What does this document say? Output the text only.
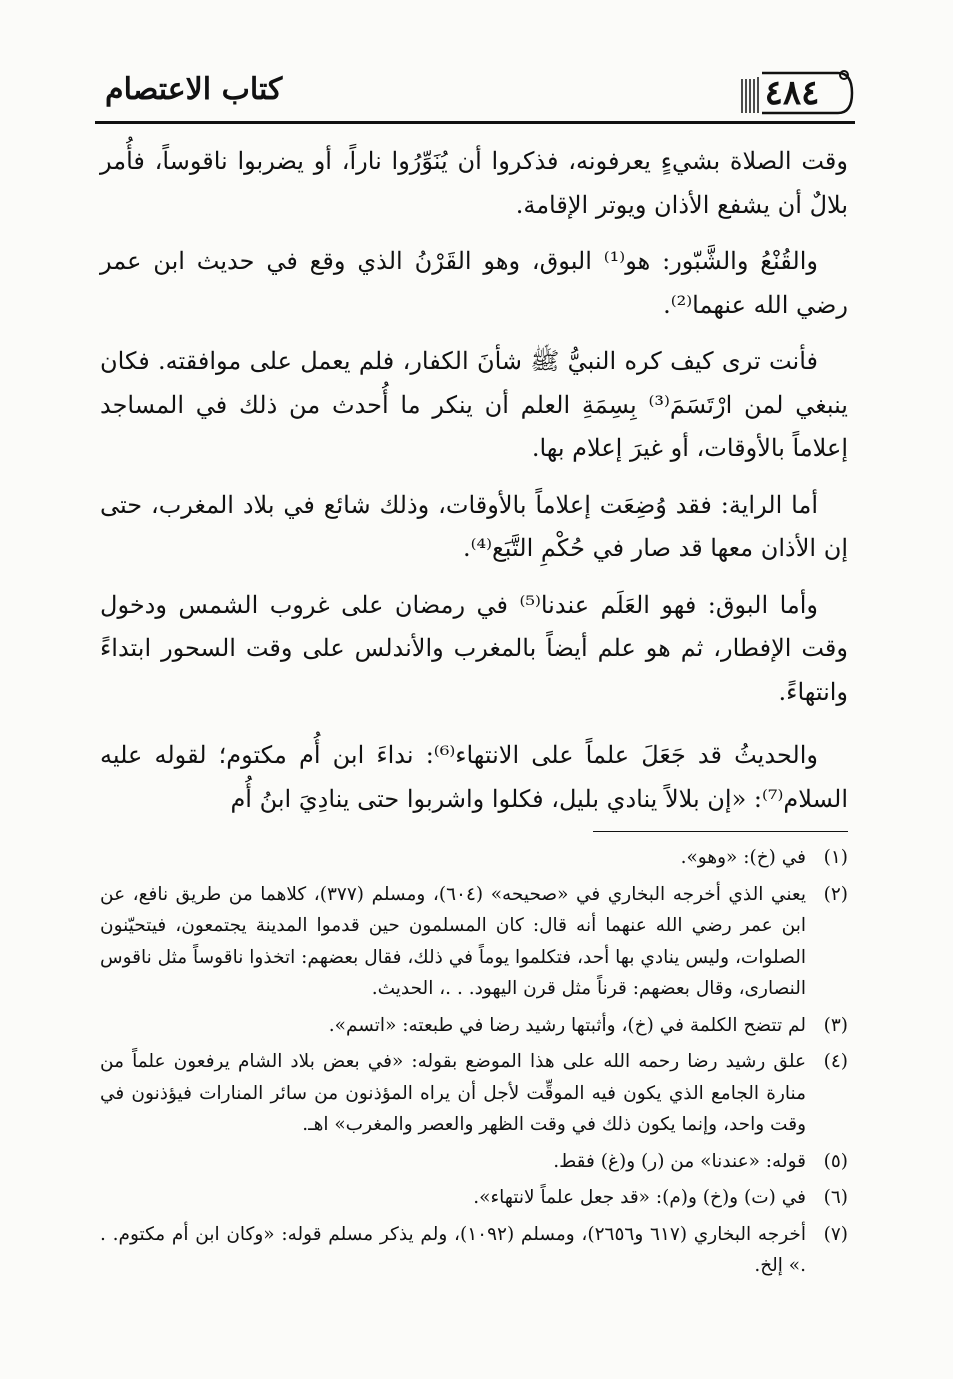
٤٨٤
كتاب الاعتصام

وقت الصلاة بشيءٍ يعرفونه، فذكروا أن يُنَوِّرُوا ناراً، أو يضربوا ناقوساً، فأُمر بلالٌ أن يشفع الأذان ويوتر الإقامة.

والقُنْعُ والشَّبّور: هو⁽¹⁾ البوق، وهو القَرْنُ الذي وقع في حديث ابن عمر رضي الله عنهما⁽²⁾.

فأنت ترى كيف كره النبيُّ ﷺ شأنَ الكفار، فلم يعمل على موافقته. فكان ينبغي لمن ارْتَسَمَ⁽³⁾ بِسِمَةِ العلم أن ينكر ما أُحدث من ذلك في المساجد إعلاماً بالأوقات، أو غيرَ إعلام بها.

أما الراية: فقد وُضِعَت إعلاماً بالأوقات، وذلك شائع في بلاد المغرب، حتى إن الأذان معها قد صار في حُكْمِ التَّبَع⁽⁴⁾.

وأما البوق: فهو العَلَم عندنا⁽⁵⁾ في رمضان على غروب الشمس ودخول وقت الإفطار، ثم هو علم أيضاً بالمغرب والأندلس على وقت السحور ابتداءً وانتهاءً.

والحديثُ قد جَعَلَ علماً على الانتهاء⁽⁶⁾: نداءَ ابن أُم مكتوم؛ لقوله عليه السلام⁽⁷⁾: «إن بلالاً ينادي بليل، فكلوا واشربوا حتى ينادِيَ ابنُ أُم

(١)
في (خ): «وهو».
(٢)
يعني الذي أخرجه البخاري في «صحيحه» (٦٠٤)، ومسلم (٣٧٧)، كلاهما من طريق نافع، عن ابن عمر رضي الله عنهما أنه قال: كان المسلمون حين قدموا المدينة يجتمعون، فيتحيّنون الصلوات، وليس ينادي بها أحد، فتكلموا يوماً في ذلك، فقال بعضهم: اتخذوا ناقوساً مثل ناقوس النصارى، وقال بعضهم: قرناً مثل قرن اليهود. . .، الحديث.
(٣)
لم تتضح الكلمة في (خ)، وأثبتها رشيد رضا في طبعته: «اتسم».
(٤)
علق رشيد رضا رحمه الله على هذا الموضع بقوله: «في بعض بلاد الشام يرفعون علماً من منارة الجامع الذي يكون فيه الموقِّت لأجل أن يراه المؤذنون من سائر المنارات فيؤذنون في وقت واحد، وإنما يكون ذلك في وقت الظهر والعصر والمغرب» اهـ.
(٥)
قوله: «عندنا» من (ر) و(غ) فقط.
(٦)
في (ت) و(خ) و(م): «قد جعل علماً لانتهاء».
(٧)
أخرجه البخاري (٦١٧ و٢٦٥٦)، ومسلم (١٠٩٢)، ولم يذكر مسلم قوله: «وكان ابن أم مكتوم. . .» إلخ.
